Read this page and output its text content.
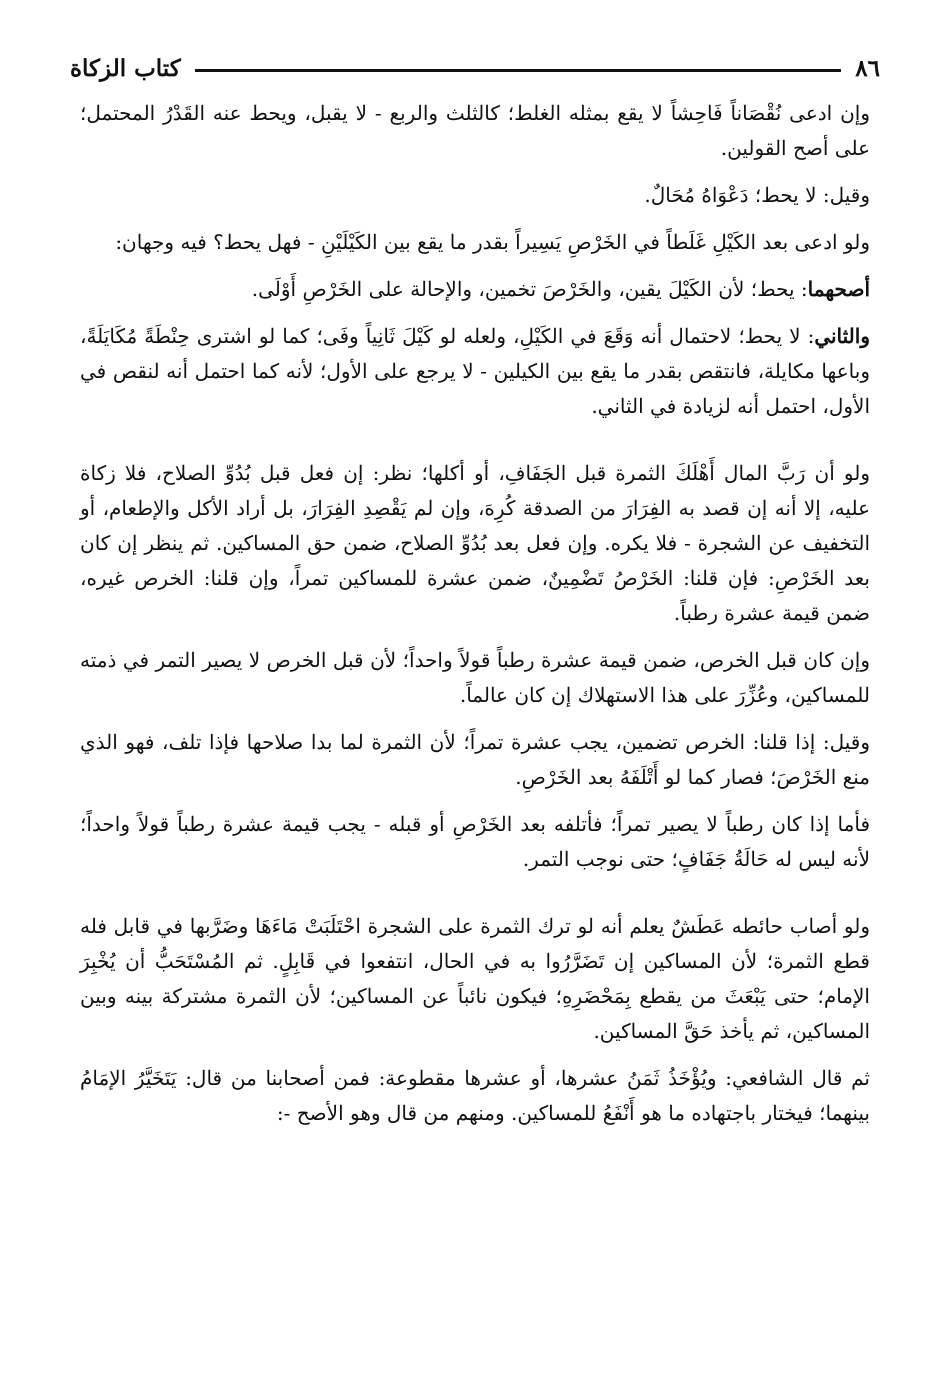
كتاب الزكاة	٨٦

وإن ادعى نُقْصَاناً فَاحِشاً لا يقع بمثله الغلط؛ كالثلث والربع - لا يقبل، ويحط عنه القَدْرُ المحتمل؛ على أصح القولين.

وقيل: لا يحط؛ دَعْوَاهُ مُحَالٌ.

ولو ادعى بعد الكَيْلِ غَلَطاً في الخَرْصِ يَسِيراً بقدر ما يقع بين الكَيْلَيْنِ - فهل يحط؟ فيه وجهان:

أصحهما: يحط؛ لأن الكَيْلَ يقين، والخَرْصَ تخمين، والإحالة على الخَرْصِ أَوْلَى.

والثاني: لا يحط؛ لاحتمال أنه وَقَعَ في الكَيْلِ، ولعله لو كَيْلَ ثَانِياً وفَى؛ كما لو اشترى حِنْطَةً مُكَايَلَةً، وباعها مكايلة، فانتقص بقدر ما يقع بين الكيلين - لا يرجع على الأول؛ لأنه كما احتمل أنه لنقص في الأول، احتمل أنه لزيادة في الثاني.

ولو أن رَبَّ المال أَهْلَكَ الثمرة قبل الجَفَافِ، أو أكلها؛ نظر: إن فعل قبل بُدُوِّ الصلاح، فلا زكاة عليه، إلا أنه إن قصد به الفِرَارَ من الصدقة كُرِهَ، وإن لم يَقْصِدِ الفِرَارَ، بل أراد الأكل والإطعام، أو التخفيف عن الشجرة - فلا يكره. وإن فعل بعد بُدُوِّ الصلاح، ضمن حق المساكين. ثم ينظر إن كان بعد الخَرْصِ: فإن قلنا: الخَرْصُ تَضْمِينٌ، ضمن عشرة للمساكين تمراً، وإن قلنا: الخرص غيره، ضمن قيمة عشرة رطباً.

وإن كان قبل الخرص، ضمن قيمة عشرة رطباً قولاً واحداً؛ لأن قبل الخرص لا يصير التمر في ذمته للمساكين، وعُزِّرَ على هذا الاستهلاك إن كان عالماً.

وقيل: إذا قلنا: الخرص تضمين، يجب عشرة تمراً؛ لأن الثمرة لما بدا صلاحها فإذا تلف، فهو الذي منع الخَرْصَ؛ فصار كما لو أَتْلَفَهُ بعد الخَرْصِ.

فأما إذا كان رطباً لا يصير تمراً؛ فأتلفه بعد الخَرْصِ أو قبله - يجب قيمة عشرة رطباً قولاً واحداً؛ لأنه ليس له حَالَةُ جَفَافٍ؛ حتى نوجب التمر.

ولو أصاب حائطه عَطَشٌ يعلم أنه لو ترك الثمرة على الشجرة احْتَلَبَتْ مَاءَهَا وضَرَّبها في قابل فله قطع الثمرة؛ لأن المساكين إن تَضَرَّرُوا به في الحال، انتفعوا في قَابِلٍ. ثم المُسْتَحَبُّ أن يُخْبِرَ الإمام؛ حتى يَبْعَثَ من يقطع بِمَحْضَرِهِ؛ فيكون نائباً عن المساكين؛ لأن الثمرة مشتركة بينه وبين المساكين، ثم يأخذ حَقَّ المساكين.

ثم قال الشافعي: ويُؤْخَذُ ثَمَنُ عشرها، أو عشرها مقطوعة: فمن أصحابنا من قال: يَتَخَيَّرُ الإمَامُ بينهما؛ فيختار باجتهاده ما هو أَنْفَعُ للمساكين. ومنهم من قال وهو الأصح -:
